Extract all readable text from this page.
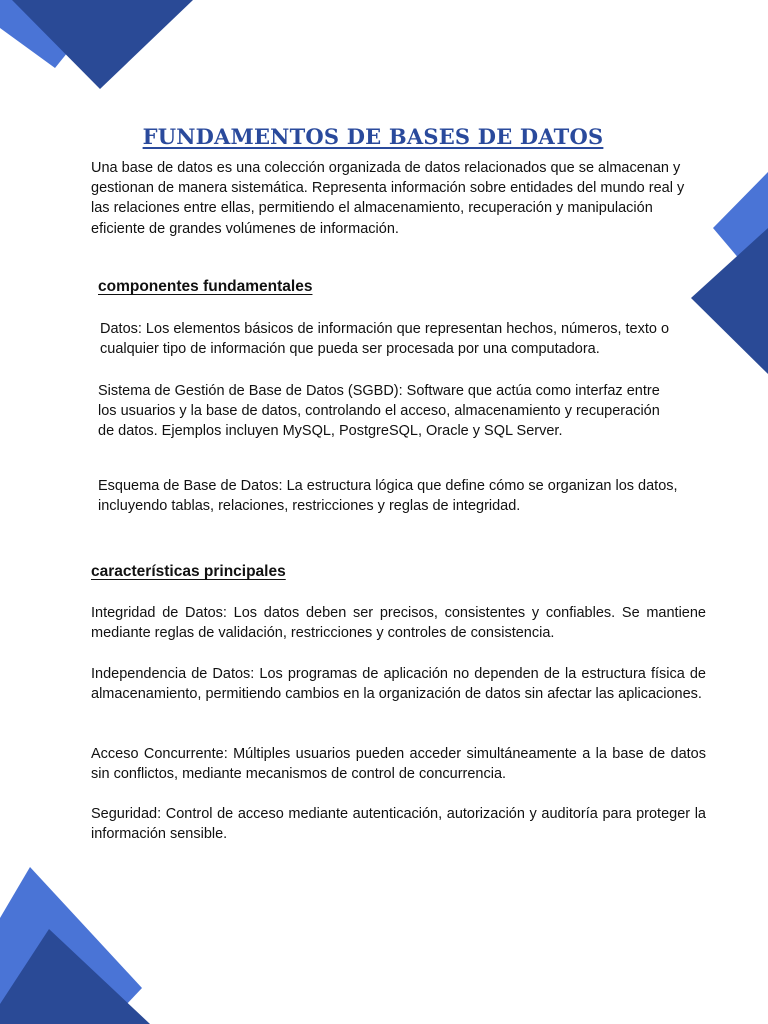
FUNDAMENTOS DE BASES DE DATOS

Una base de datos es una colección organizada de datos relacionados que se almacenan y gestionan de manera sistemática. Representa información sobre entidades del mundo real y las relaciones entre ellas, permitiendo el almacenamiento, recuperación y manipulación eficiente de grandes volúmenes de información.

componentes fundamentales

Datos: Los elementos básicos de información que representan hechos, números, texto o cualquier tipo de información que pueda ser procesada por una computadora.

Sistema de Gestión de Base de Datos (SGBD): Software que actúa como interfaz entre los usuarios y la base de datos, controlando el acceso, almacenamiento y recuperación de datos. Ejemplos incluyen MySQL, PostgreSQL, Oracle y SQL Server.

Esquema de Base de Datos: La estructura lógica que define cómo se organizan los datos, incluyendo tablas, relaciones, restricciones y reglas de integridad.

características principales

Integridad de Datos: Los datos deben ser precisos, consistentes y confiables. Se mantiene mediante reglas de validación, restricciones y controles de consistencia.

Independencia de Datos: Los programas de aplicación no dependen de la estructura física de almacenamiento, permitiendo cambios en la organización de datos sin afectar las aplicaciones.

Acceso Concurrente: Múltiples usuarios pueden acceder simultáneamente a la base de datos sin conflictos, mediante mecanismos de control de concurrencia.

Seguridad: Control de acceso mediante autenticación, autorización y auditoría para proteger la información sensible.
